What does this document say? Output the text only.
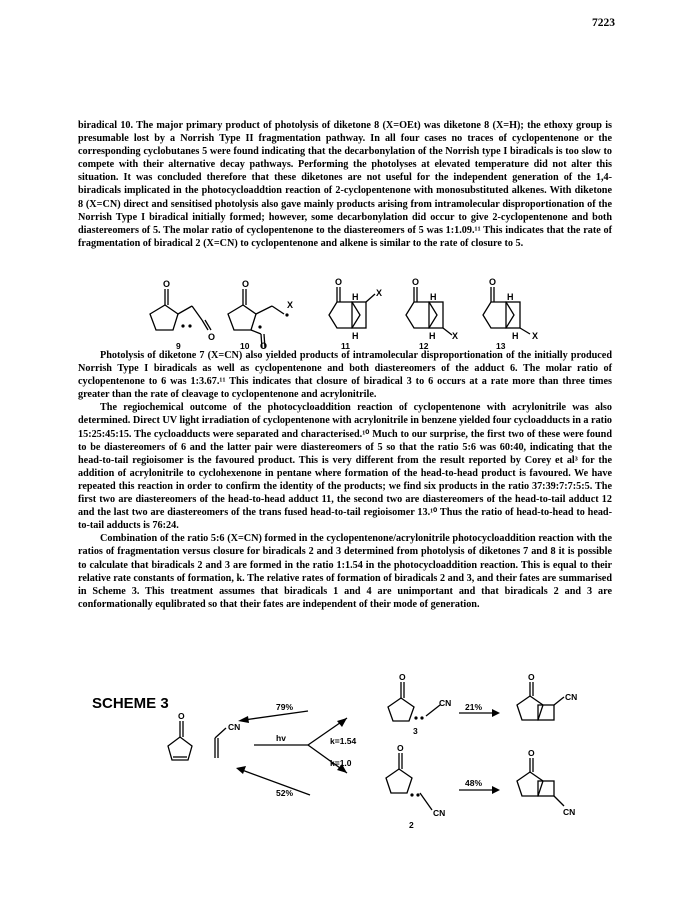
7223

biradical 10. The major primary product of photolysis of diketone 8 (X=OEt) was diketone 8 (X=H); the ethoxy group is presumable lost by a Norrish Type II fragmentation pathway. In all four cases no traces of cyclopentenone or the corresponding cyclobutanes 5 were found indicating that the decarbonylation of the Norrish type I biradicals is too slow to compete with their alternative decay pathways. Performing the photolyses at elevated temperature did not alter this situation. It was concluded therefore that these diketones are not useful for the independent generation of the 1,4-biradicals implicated in the photocycloaddtion reaction of 2-cyclopentenone with monosubstituted alkenes. With diketone 8 (X=CN) direct and sensitised photolysis also gave mainly products arising from intramolecular disproportionation of the Norrish Type I biradical initially formed; however, some decarbonylation did occur to give 2-cyclopentenone and both diastereomers of 5. The molar ratio of cyclopentenone to the diastereomers of 5 was 1:1.09.¹¹ This indicates that the rate of fragmentation of biradical 2 (X=CN) to cyclopentenone and alkene is similar to the rate of closure to 5.

O
O
O
O
X
O
H X
H
O
H
H X
O
H
H X
9	10	11	12	13

Photolysis of diketone 7 (X=CN) also yielded products of intramolecular disproportionation of the initially produced Norrish Type I biradicals as well as cyclopentenone and both diastereomers of the adduct 6. The molar ratio of cyclopentenone to 6 was 1:3.67.¹¹ This indicates that closure of biradical 3 to 6 occurs at a rate more than three times greater than the rate of cleavage to cyclopentenone and acrylonitrile.

The regiochemical outcome of the photocycloaddition reaction of cyclopentenone with acrylonitrile was also determined. Direct UV light irradiation of cyclopentenone with acrylonitrile in benzene yielded four cycloadducts in a ratio 15:25:45:15. The cycloadducts were separated and characterised.¹⁰ Much to our surprise, the first two of these were found to be diastereomers of 6 and the latter pair were diastereomers of 5 so that the ratio 5:6 was 60:40, indicating that the head-to-tail regioisomer is the favoured product. This is very different from the result reported by Corey et al³ for the addition of acrylonitrile to cyclohexenone in pentane where formation of the head-to-head product is favoured. We have repeated this reaction in order to confirm the identity of the products; we find six products in the ratio 37:39:7:7:5:5. The first two are diastereomers of the head-to-head adduct 11, the second two are diastereomers of the head-to-tail adduct 12 and the last two are diastereomers of the trans fused head-to-tail regioisomer 13.¹⁰ Thus the ratio of head-to-head to head-to-tail adducts is 76:24.

Combination of the ratio 5:6 (X=CN) formed in the cyclopentenone/acrylonitrile photocycloaddition reaction with the ratios of fragmentation versus closure for biradicals 2 and 3 determined from photolysis of diketones 7 and 8 it is possible to calculate that biradicals 2 and 3 are formed in the ratio 1:1.54 in the photocycloaddition reaction. This is equal to their relative rate constants of formation, k. The relative rates of formation of biradicals 2 and 3, and their fates are summarised in Scheme 3. This treatment assumes that biradicals 1 and 4 are unimportant and that biradicals 2 and 3 are conformationally equlibrated so that their fates are independent of their mode of generation.

SCHEME 3
O
CN
79%
hv	k=1.54
k=1.0
52%
O
CN
3
21%
O
CN
O
CN
2
48%
O
CN
